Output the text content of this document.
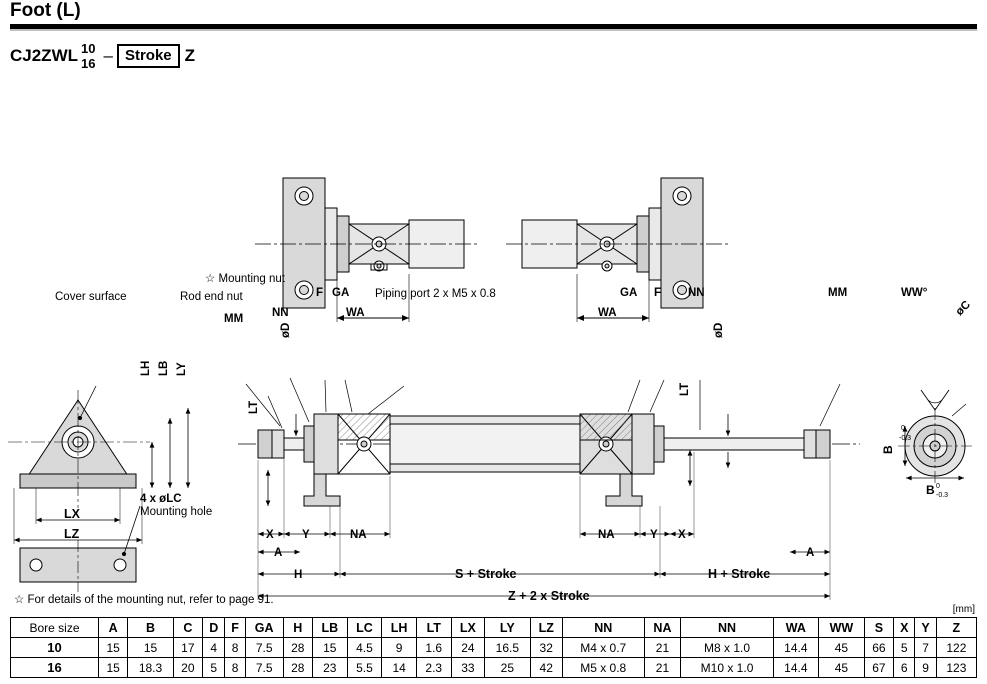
Foot (L)
CJ2ZWL 10
16 – Stroke Z
WA	WA
Cover surface
☆ Mounting nut
Rod end nut
MM	NN
F GA Piping port 2 x M5 x 0.8	GA F NN	MM	WW°
øC
øD	øD
LT
LT
LH LB LY
LX
LZ
4 x øLC
Mounting hole
X Y	NA	NA	Y X
A	A
H	S + Stroke	H + Stroke
Z + 2 x Stroke
B
0
-0.3
B 0
-0.3
☆ For details of the mounting nut, refer to page 91.
[mm]
Bore size	A	B	C	D	F	GA	H	LB	LC	LH	LT	LX	LY	LZ	NN	NA	NN	WA	WW	S	X	Y	Z
10	15	15	17	4	8	7.5	28	15	4.5	9	1.6	24	16.5	32	M4 x 0.7	21	M8 x 1.0	14.4	45	66	5	7	122
16	15	18.3	20	5	8	7.5	28	23	5.5	14	2.3	33	25	42	M5 x 0.8	21	M10 x 1.0	14.4	45	67	6	9	123
